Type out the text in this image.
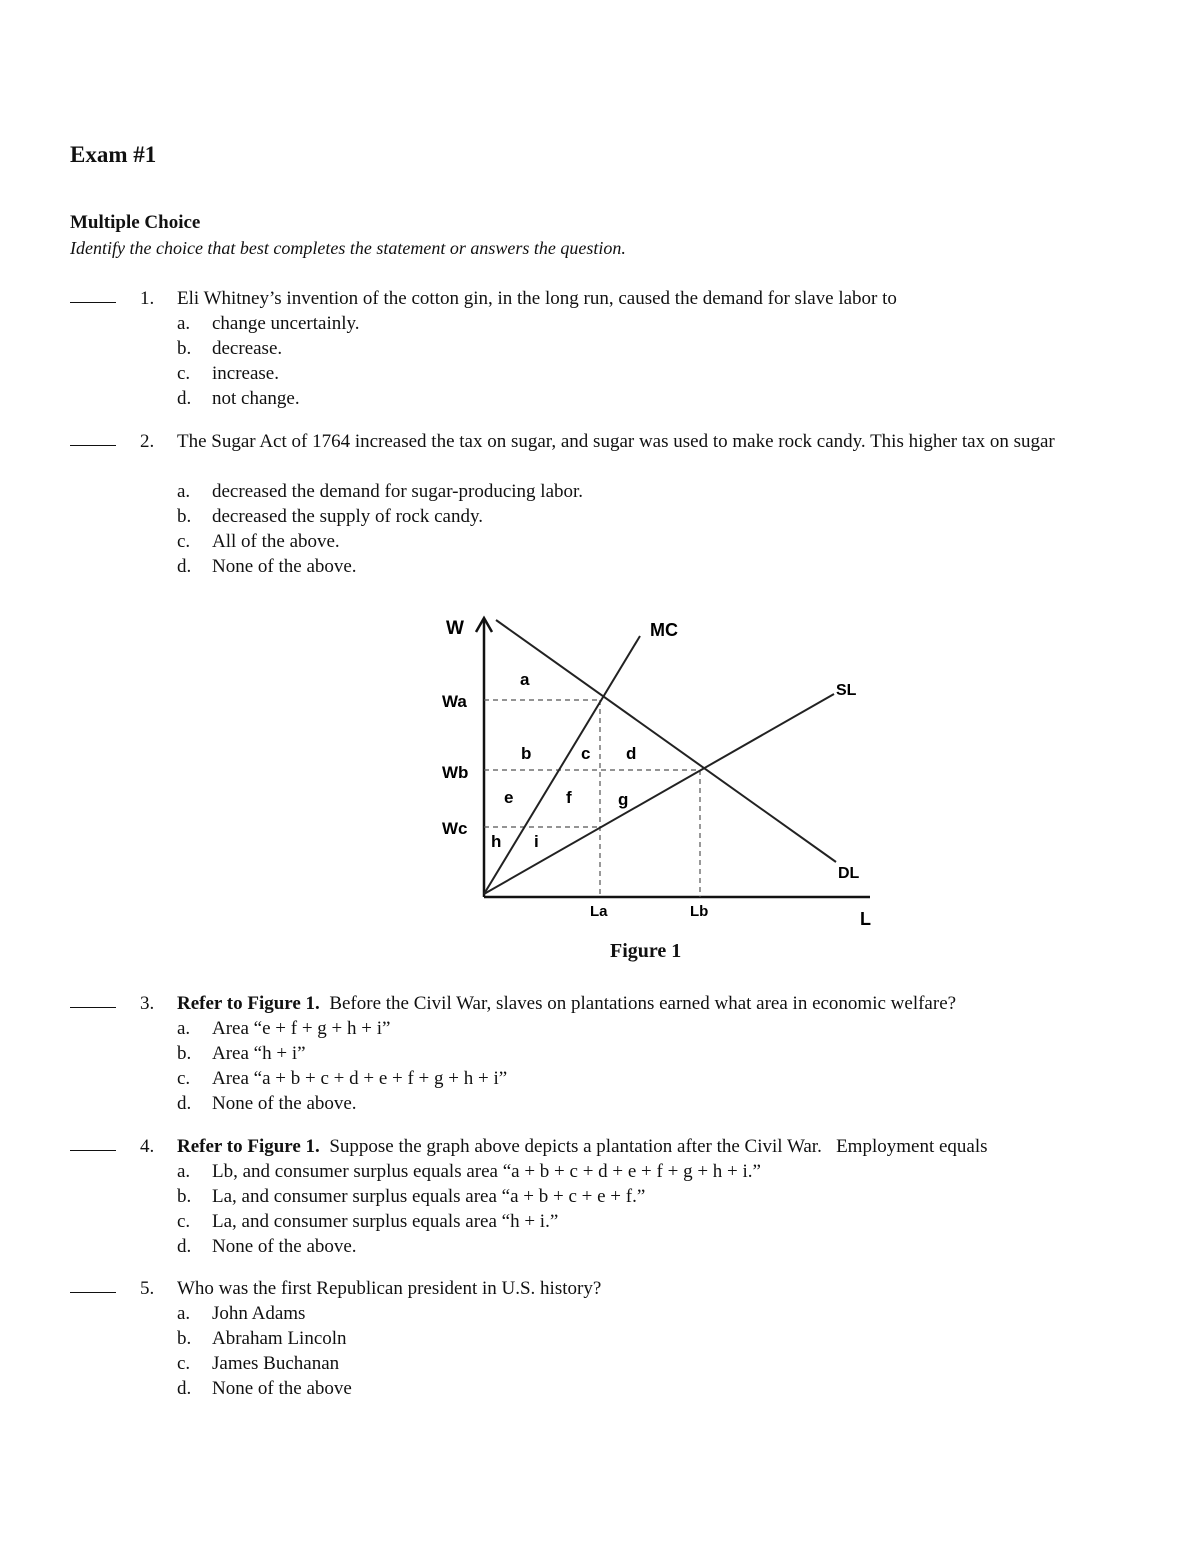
Exam #1
Multiple Choice
Identify the choice that best completes the statement or answers the question.
1.	Eli Whitney’s invention of the cotton gin, in the long run, caused the demand for slave labor to
a.	change uncertainly.
b.	decrease.
c.	increase.
d.	not change.
2.	The Sugar Act of 1764 increased the tax on sugar, and sugar was used to make rock candy. This higher tax on sugar
a.	decreased the demand for sugar-producing labor.
b.	decreased the supply of rock candy.
c.	All of the above.
d.	None of the above.
W
L
MC
SL
DL
Wa
Wb
Wc
La	Lb
a
b	c d
e	f	g
h i
Figure 1
3.	Refer to Figure 1.  Before the Civil War, slaves on plantations earned what area in economic welfare?
a.	Area “e + f + g + h + i”
b.	Area “h + i”
c.	Area “a + b + c + d + e + f + g + h + i”
d.	None of the above.
4.	Refer to Figure 1.  Suppose the graph above depicts a plantation after the Civil War.   Employment equals
a.	Lb, and consumer surplus equals area “a + b + c + d + e + f + g + h + i.”
b.	La, and consumer surplus equals area “a + b + c + e + f.”
c.	La, and consumer surplus equals area “h + i.”
d.	None of the above.
5.	Who was the first Republican president in U.S. history?
a.	John Adams
b.	Abraham Lincoln
c.	James Buchanan
d.	None of the above
